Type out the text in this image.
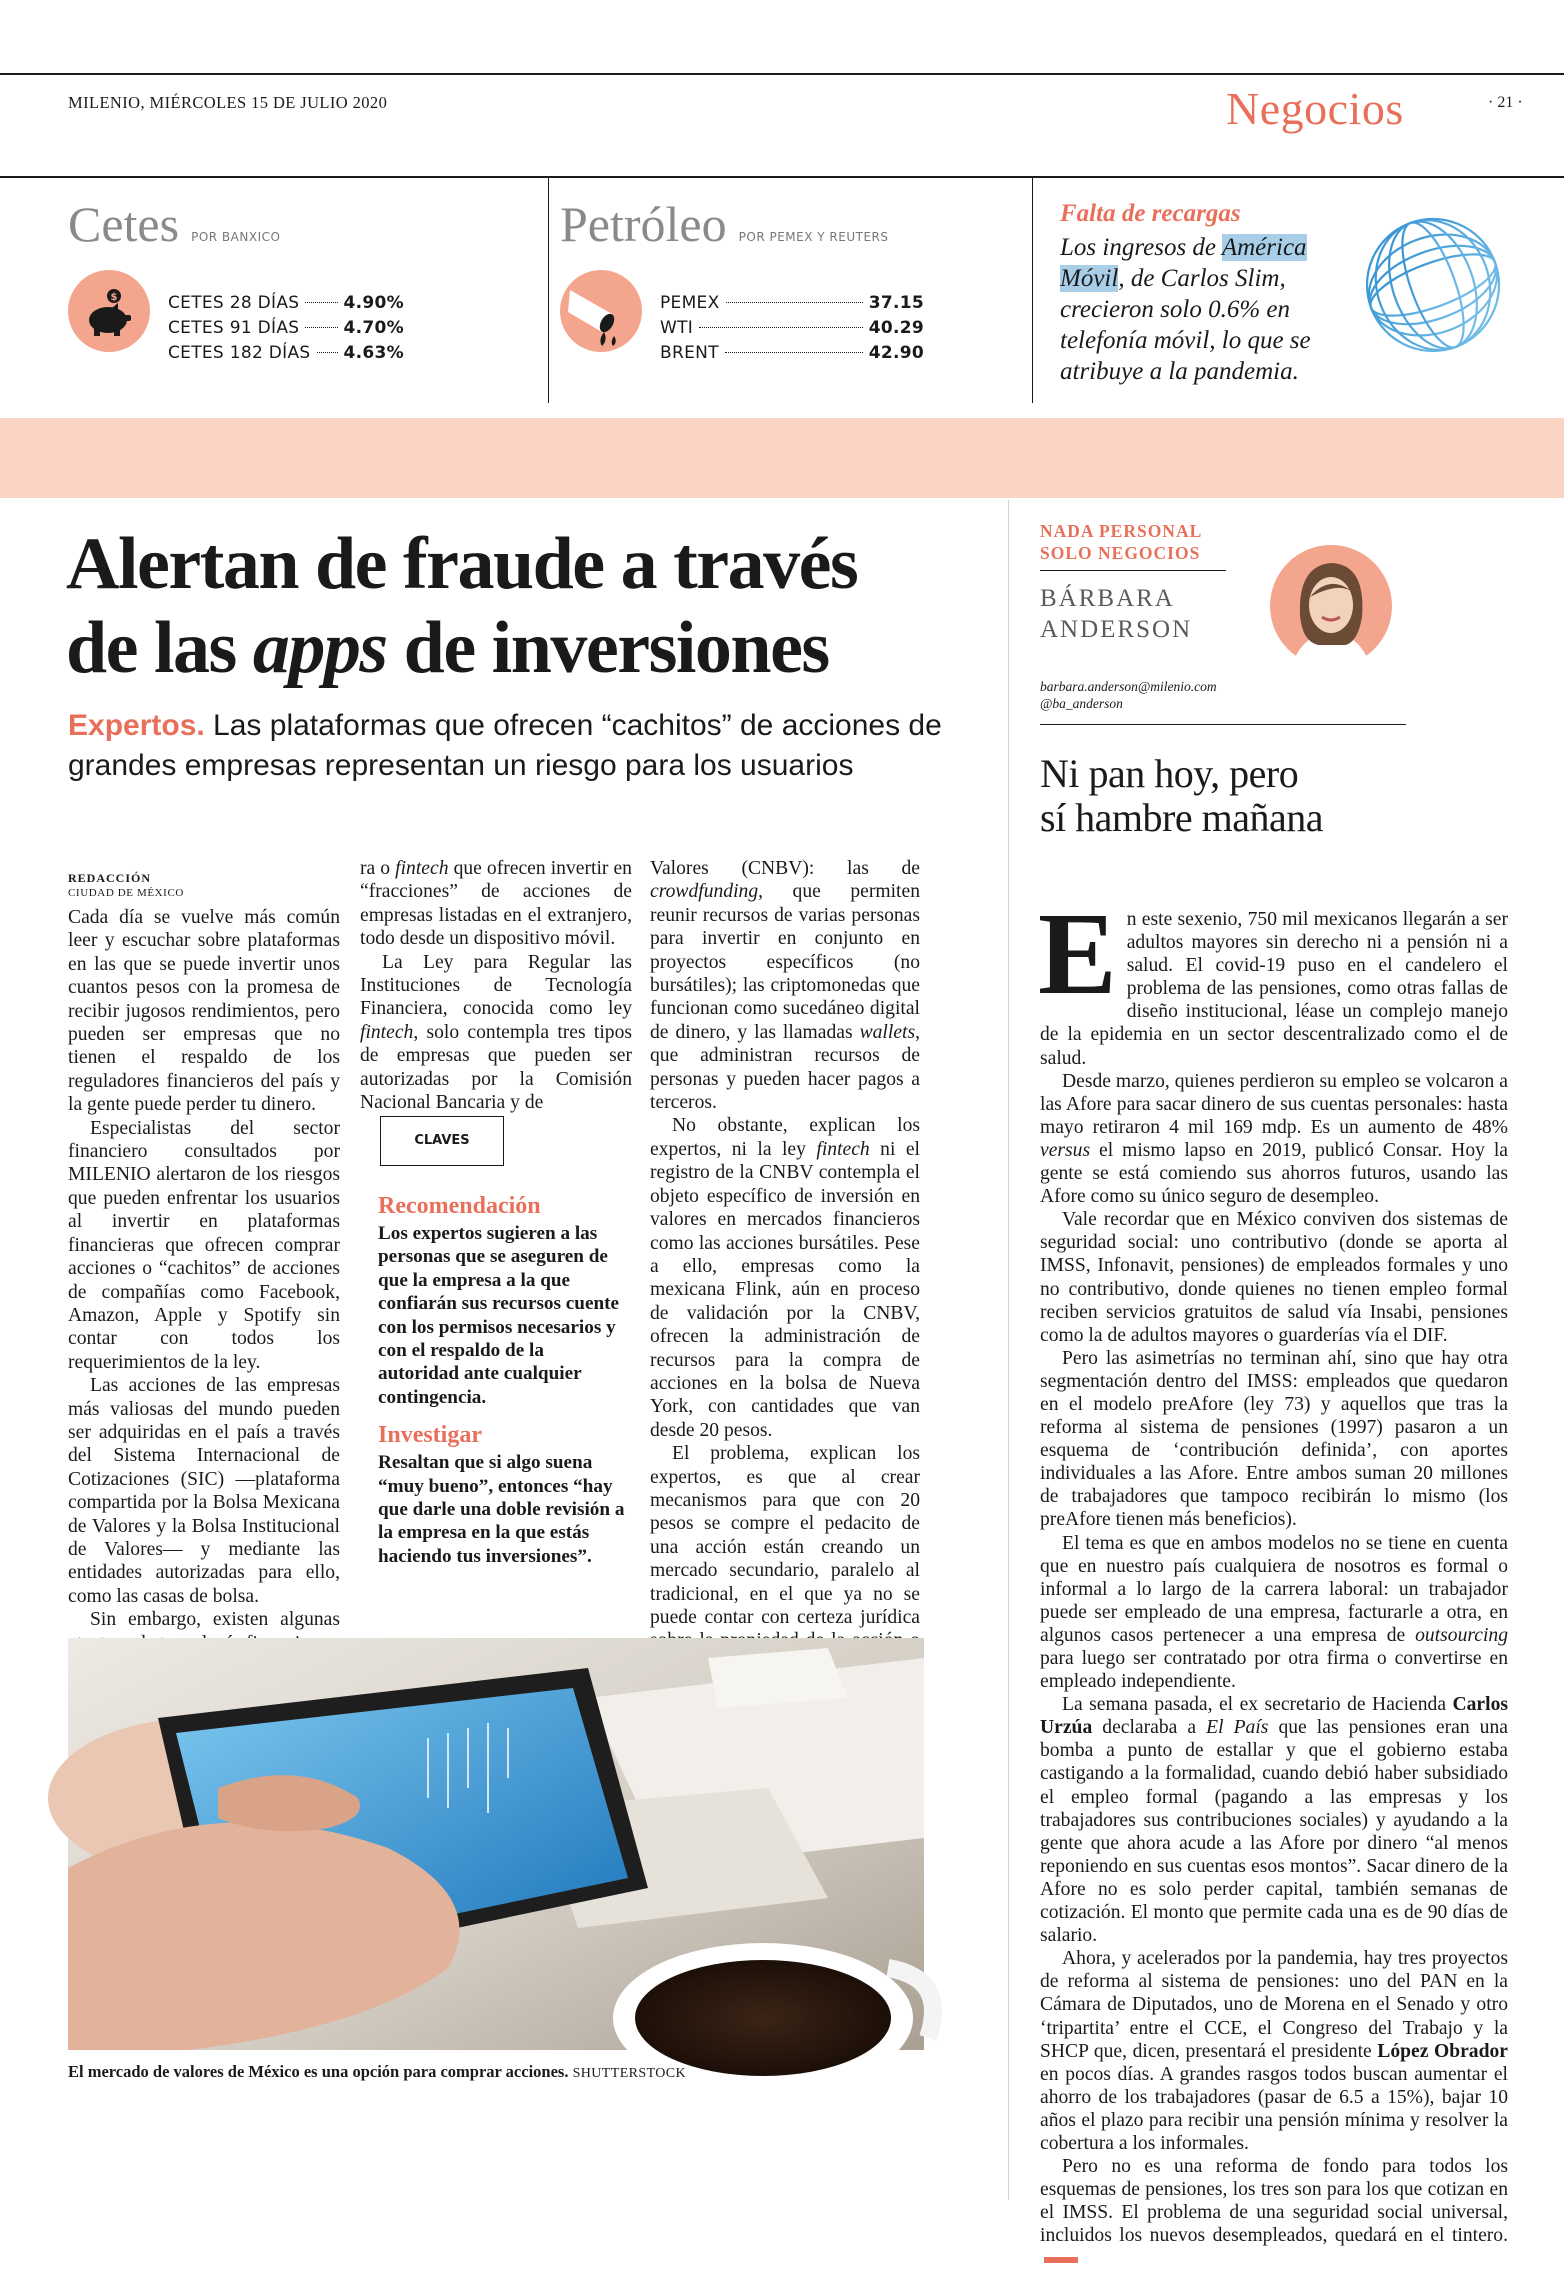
MILENIO, MIÉRCOLES 15 DE JULIO 2020	Negocios	· 21 ·
Cetes POR BANXICO
$	CETES 28 DÍAS	4.90%
CETES 91 DÍAS	4.70%
CETES 182 DÍAS 4.63%
Petróleo POR PEMEX Y REUTERS
PEMEX	37.15
WTI	40.29
BRENT	42.90
Falta de recargas
Los ingresos de América Móvil, de Carlos Slim, crecieron solo 0.6% en telefonía móvil, lo que se atribuye a la pandemia.
Alertan de fraude a través
de las apps de inversiones
Expertos. Las plataformas que ofrecen “cachitos” de acciones de grandes empresas representan un riesgo para los usuarios
REDACCIÓN
CIUDAD DE MÉXICO

Cada día se vuelve más común leer y escuchar sobre plataformas en las que se puede invertir unos cuantos pesos con la promesa de recibir jugosos rendimientos, pero pueden ser empresas que no tienen el respaldo de los reguladores financieros del país y la gente puede perder tu dinero.

Especialistas del sector financiero consultados por MILENIO alertaron de los riesgos que pueden enfrentar los usuarios al invertir en plataformas financieras que ofrecen comprar acciones o “cachitos” de acciones de compañías como Facebook, Amazon, Apple y Spotify sin contar con todos los requerimientos de la ley.

Las acciones de las empresas más valiosas del mundo pueden ser adquiridas en el país a través del Sistema Internacional de Cotizaciones (SIC) —plataforma compartida por la Bolsa Mexicana de Valores y la Bolsa Institucional de Valores— y mediante las entidades autorizadas para ello, como las casas de bolsa.

Sin embargo, existen algunas

ra o fintech que ofrecen invertir en “fracciones” de acciones de empresas listadas en el extranjero, todo desde un dispositivo móvil.

La Ley para Regular las Instituciones de Tecnología Financiera, conocida como ley fintech, solo contempla tres tipos de empresas que pueden ser autorizadas por la Comisión Nacional Bancaria y de

CLAVES
Recomendación
Los expertos sugieren a las personas que se aseguren de que la empresa a la que confiarán sus recursos cuente con los permisos necesarios y con el respaldo de la autoridad ante cualquier contingencia.
Investigar
Resaltan que si algo suena “muy bueno”, entonces “hay que darle una doble revisión a la empresa en la que estás haciendo tus inversiones”.

Valores (CNBV): las de crowdfunding, que permiten reunir recursos de varias personas para invertir en conjunto en proyectos específicos (no bursátiles); las criptomonedas que funcionan como sucedáneo digital de dinero, y las llamadas wallets, que administran recursos de personas y pueden hacer pagos a terceros.

No obstante, explican los expertos, ni la ley fintech ni el registro de la CNBV contempla el objeto específico de inversión en valores en mercados financieros como las acciones bursátiles. Pese a ello, empresas como la mexicana Flink, aún en proceso de validación por la CNBV, ofrecen la administración de recursos para la compra de acciones en la bolsa de Nueva York, con cantidades que van desde 20 pesos.

El problema, explican los expertos, es que al crear mecanismos para que con 20 pesos se compre el pedacito de una acción están creando un mercado secundario, paralelo al tradicional, en el que ya no se puede contar con certeza jurídica

El mercado de valores de México es una opción para comprar acciones. SHUTTERSTOCK
NADA PERSONAL
SOLO NEGOCIOS
BÁRBARA
ANDERSON
barbara.anderson@milenio.com
@ba_anderson
Ni pan hoy, pero
sí hambre mañana
E n este sexenio, 750 mil mexicanos llegarán a ser adultos mayores sin derecho ni a pensión ni a salud. El covid-19 puso en el candelero el problema de las pensiones, como otras fallas de diseño institucional, léase un complejo manejo de la epidemia en un sector descentralizado como el de salud.

Desde marzo, quienes perdieron su empleo se volcaron a las Afore para sacar dinero de sus cuentas personales: hasta mayo retiraron 4 mil 169 mdp. Es un aumento de 48% versus el mismo lapso en 2019, publicó Consar. Hoy la gente se está comiendo sus ahorros futuros, usando las Afore como su único seguro de desempleo.

Vale recordar que en México conviven dos sistemas de seguridad social: uno contributivo (donde se aporta al IMSS, Infonavit, pensiones) de empleados formales y uno no contributivo, donde quienes no tienen empleo formal reciben servicios gratuitos de salud vía Insabi, pensiones como la de adultos mayores o guarderías vía el DIF.

Pero las asimetrías no terminan ahí, sino que hay otra segmentación dentro del IMSS: empleados que quedaron en el modelo preAfore (ley 73) y aquellos que tras la reforma al sistema de pensiones (1997) pasaron a un esquema de ‘contribución definida’, con aportes individuales a las Afore. Entre ambos suman 20 millones de trabajadores que tampoco recibirán lo mismo (los preAfore tienen más beneficios).

El tema es que en ambos modelos no se tiene en cuenta que en nuestro país cualquiera de nosotros es formal o informal a lo largo de la carrera laboral: un trabajador puede ser empleado de una empresa, facturarle a otra, en algunos casos pertenecer a una empresa de outsourcing para luego ser contratado por otra firma o convertirse en empleado independiente.

La semana pasada, el ex secretario de Hacienda Carlos Urzúa declaraba a El País que las pensiones eran una bomba a punto de estallar y que el gobierno estaba castigando a la formalidad, cuando debió haber subsidiado el empleo formal (pagando a las empresas y los trabajadores sus contribuciones sociales) y ayudando a la gente que ahora acude a las Afore por dinero “al menos reponiendo en sus cuentas esos montos”. Sacar dinero de la Afore no es solo perder capital, también semanas de cotización. El monto que permite cada una es de 90 días de salario.

Ahora, y acelerados por la pandemia, hay tres proyectos de reforma al sistema de pensiones: uno del PAN en la Cámara de Diputados, uno de Morena en el Senado y otro ‘tripartita’ entre el CCE, el Congreso del Trabajo y la SHCP que, dicen, presentará el presidente López Obrador en pocos días. A grandes rasgos todos buscan aumentar el ahorro de los trabajadores (pasar de 6.5 a 15%), bajar 10 años el plazo para recibir una pensión mínima y resolver la cobertura a los informales.

Pero no es una reforma de fondo para todos los esquemas de pensiones, los tres son para los que cotizan en el IMSS. El problema de una seguridad social universal, incluidos los nuevos desempleados, quedará en el tintero.
